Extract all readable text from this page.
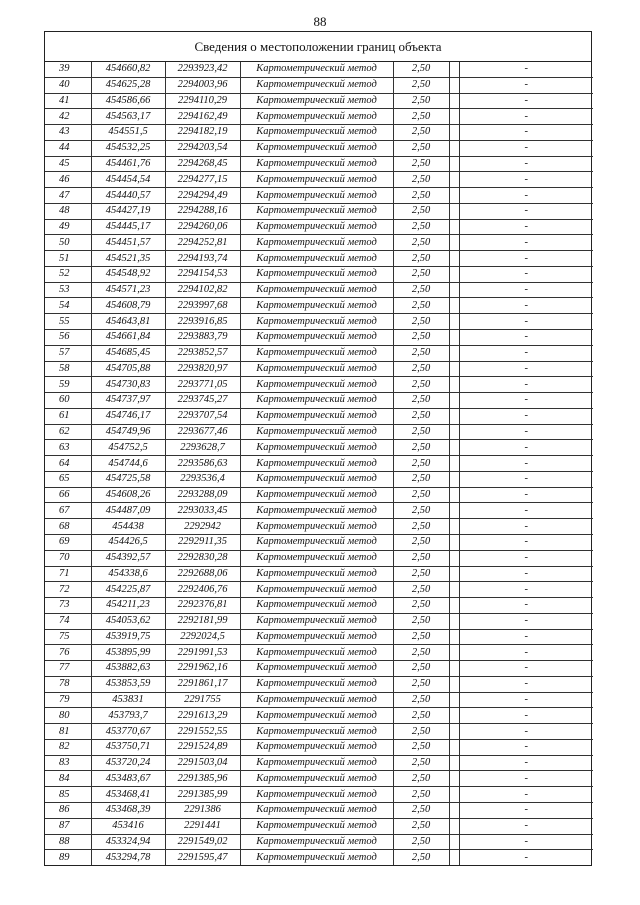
88
Сведения о местоположении границ объекта
39	454660,82	2293923,42	Картометрический метод	2,50		-
40	454625,28	2294003,96	Картометрический метод	2,50		-
41	454586,66	2294110,29	Картометрический метод	2,50		-
42	454563,17	2294162,49	Картометрический метод	2,50		-
43	454551,5	2294182,19	Картометрический метод	2,50		-
44	454532,25	2294203,54	Картометрический метод	2,50		-
45	454461,76	2294268,45	Картометрический метод	2,50		-
46	454454,54	2294277,15	Картометрический метод	2,50		-
47	454440,57	2294294,49	Картометрический метод	2,50		-
48	454427,19	2294288,16	Картометрический метод	2,50		-
49	454445,17	2294260,06	Картометрический метод	2,50		-
50	454451,57	2294252,81	Картометрический метод	2,50		-
51	454521,35	2294193,74	Картометрический метод	2,50		-
52	454548,92	2294154,53	Картометрический метод	2,50		-
53	454571,23	2294102,82	Картометрический метод	2,50		-
54	454608,79	2293997,68	Картометрический метод	2,50		-
55	454643,81	2293916,85	Картометрический метод	2,50		-
56	454661,84	2293883,79	Картометрический метод	2,50		-
57	454685,45	2293852,57	Картометрический метод	2,50		-
58	454705,88	2293820,97	Картометрический метод	2,50		-
59	454730,83	2293771,05	Картометрический метод	2,50		-
60	454737,97	2293745,27	Картометрический метод	2,50		-
61	454746,17	2293707,54	Картометрический метод	2,50		-
62	454749,96	2293677,46	Картометрический метод	2,50		-
63	454752,5	2293628,7	Картометрический метод	2,50		-
64	454744,6	2293586,63	Картометрический метод	2,50		-
65	454725,58	2293536,4	Картометрический метод	2,50		-
66	454608,26	2293288,09	Картометрический метод	2,50		-
67	454487,09	2293033,45	Картометрический метод	2,50		-
68	454438	2292942	Картометрический метод	2,50		-
69	454426,5	2292911,35	Картометрический метод	2,50		-
70	454392,57	2292830,28	Картометрический метод	2,50		-
71	454338,6	2292688,06	Картометрический метод	2,50		-
72	454225,87	2292406,76	Картометрический метод	2,50		-
73	454211,23	2292376,81	Картометрический метод	2,50		-
74	454053,62	2292181,99	Картометрический метод	2,50		-
75	453919,75	2292024,5	Картометрический метод	2,50		-
76	453895,99	2291991,53	Картометрический метод	2,50		-
77	453882,63	2291962,16	Картометрический метод	2,50		-
78	453853,59	2291861,17	Картометрический метод	2,50		-
79	453831	2291755	Картометрический метод	2,50		-
80	453793,7	2291613,29	Картометрический метод	2,50		-
81	453770,67	2291552,55	Картометрический метод	2,50		-
82	453750,71	2291524,89	Картометрический метод	2,50		-
83	453720,24	2291503,04	Картометрический метод	2,50		-
84	453483,67	2291385,96	Картометрический метод	2,50		-
85	453468,41	2291385,99	Картометрический метод	2,50		-
86	453468,39	2291386	Картометрический метод	2,50		-
87	453416	2291441	Картометрический метод	2,50		-
88	453324,94	2291549,02	Картометрический метод	2,50		-
89	453294,78	2291595,47	Картометрический метод	2,50		-
